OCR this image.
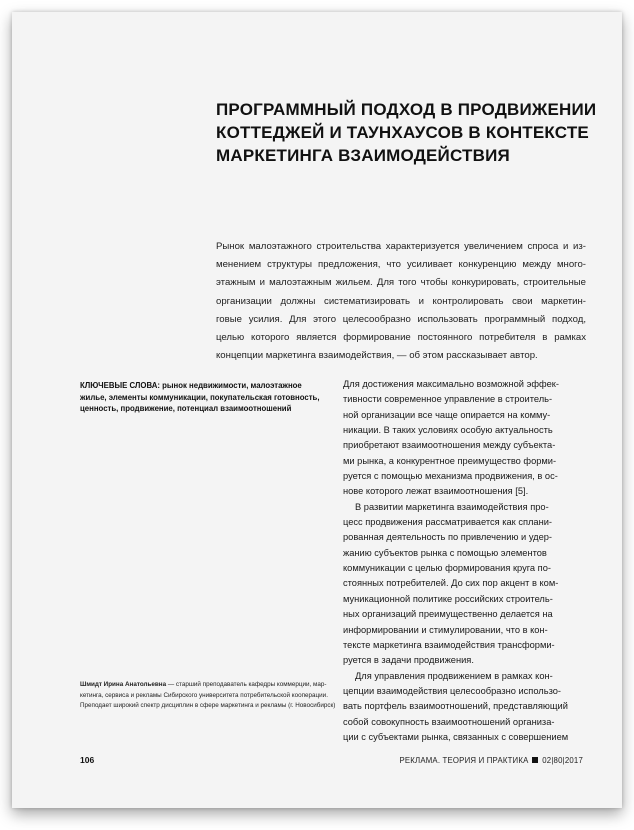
ПРОГРАММНЫЙ ПОДХОД В ПРОДВИЖЕНИИ
КОТТЕДЖЕЙ И ТАУНХАУСОВ В КОНТЕКСТЕ
МАРКЕТИНГА ВЗАИМОДЕЙСТВИЯ
Рынок малоэтажного строительства характеризуется увеличением спроса и из-
менением структуры предложения, что усиливает конкуренцию между много-
этажным и малоэтажным жильем. Для того чтобы конкурировать, строительные
организации должны систематизировать и контролировать свои маркетин-
говые усилия. Для этого целесообразно использовать программный подход,
целью которого является формирование постоянного потребителя в рамках
концепции маркетинга взаимодействия, — об этом рассказывает автор.
КЛЮЧЕВЫЕ СЛОВА: рынок недвижимости, малоэтажное
жилье, элементы коммуникации, покупательская готовность,
ценность, продвижение, потенциал взаимоотношений
Для достижения максимально возможной эффек-
тивности современное управление в строитель-
ной организации все чаще опирается на комму-
никации. В таких условиях особую актуальность
приобретают взаимоотношения между субъекта-
ми рынка, а конкурентное преимущество форми-
руется с помощью механизма продвижения, в ос-
нове которого лежат взаимоотношения [5].
В развитии маркетинга взаимодействия про-
цесс продвижения рассматривается как сплани-
рованная деятельность по привлечению и удер-
жанию субъектов рынка с помощью элементов
коммуникации с целью формирования круга по-
стоянных потребителей. До сих пор акцент в ком-
муникационной политике российских строитель-
ных организаций преимущественно делается на
информировании и стимулировании, что в кон-
тексте маркетинга взаимодействия трансформи-
руется в задачи продвижения.
Для управления продвижением в рамках кон-
цепции взаимодействия целесообразно использо-
вать портфель взаимоотношений, представляющий
собой совокупность взаимоотношений организа-
ции с субъектами рынка, связанных с совершением
Шмидт Ирина Анатольевна — старший преподаватель кафедры коммерции, мар-
кетинга, сервиса и рекламы Сибирского университета потребительской кооперации.
Преподает широкий спектр дисциплин в сфере маркетинга и рекламы (г. Новосибирск)
106	РЕКЛАМА. ТЕОРИЯ И ПРАКТИКА 02|80|2017
